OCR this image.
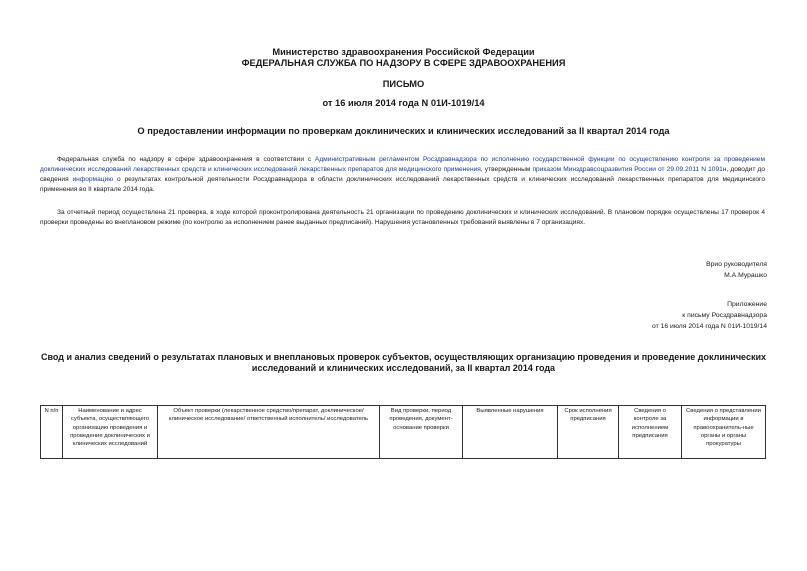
Министерство здравоохранения Российской Федерации
ФЕДЕРАЛЬНАЯ СЛУЖБА ПО НАДЗОРУ В СФЕРЕ ЗДРАВООХРАНЕНИЯ
ПИСЬМО
от 16 июля 2014 года N 01И-1019/14
О предоставлении информации по проверкам доклинических и клинических исследований за II квартал 2014 года
Федеральная служба по надзору в сфере здравоохранения в соответствии с Административным регламентом Росздравнадзора по исполнению государственной функции по осуществлению контроля за проведением доклинических исследований лекарственных средств и клинических исследований лекарственных препаратов для медицинского применения, утвержденным приказом Минздравсоцразвития России от 29.09.2011 N 1091н, доводит до сведения информацию о результатах контрольной деятельности Росздравнадзора в области доклинических исследований лекарственных средств и клинических исследований лекарственных препаратов для медицинского применения во II квартале 2014 года.
За отчетный период осуществлена 21 проверка, в ходе которой проконтролирована деятельность 21 организации по проведению доклинических и клинических исследований. В плановом порядке осуществлены 17 проверок 4 проверки проведены во внеплановом режиме (по контролю за исполнением ранее выданных предписаний). Нарушения установленных требований выявлены в 7 организациях.
Врио руководителя
М.А.Мурашко
Приложение
к письму Росздравнадзора
от 16 июля 2014 года N 01И-1019/14
Свод и анализ сведений о результатах плановых и внеплановых проверок субъектов, осуществляющих организацию проведения и проведение доклинических исследований и клинических исследований, за II квартал 2014 года
N п/п	Наименование и адрес субъекта, осуществляющего организацию проведения и проведение доклинических и клинических исследований	Объект проверки (лекарственное средство/препарат, доклиническое/ клиническое исследование/ ответственный исполнитель/ исследователь	Вид проверки, период проведения, документ-основание проверки	Выявленные нарушения	Срок исполнения предписания	Сведения о контроле за исполнением предписания	Сведения о представлении информации в правоохранитель-ные органы и органы прокуратуры
